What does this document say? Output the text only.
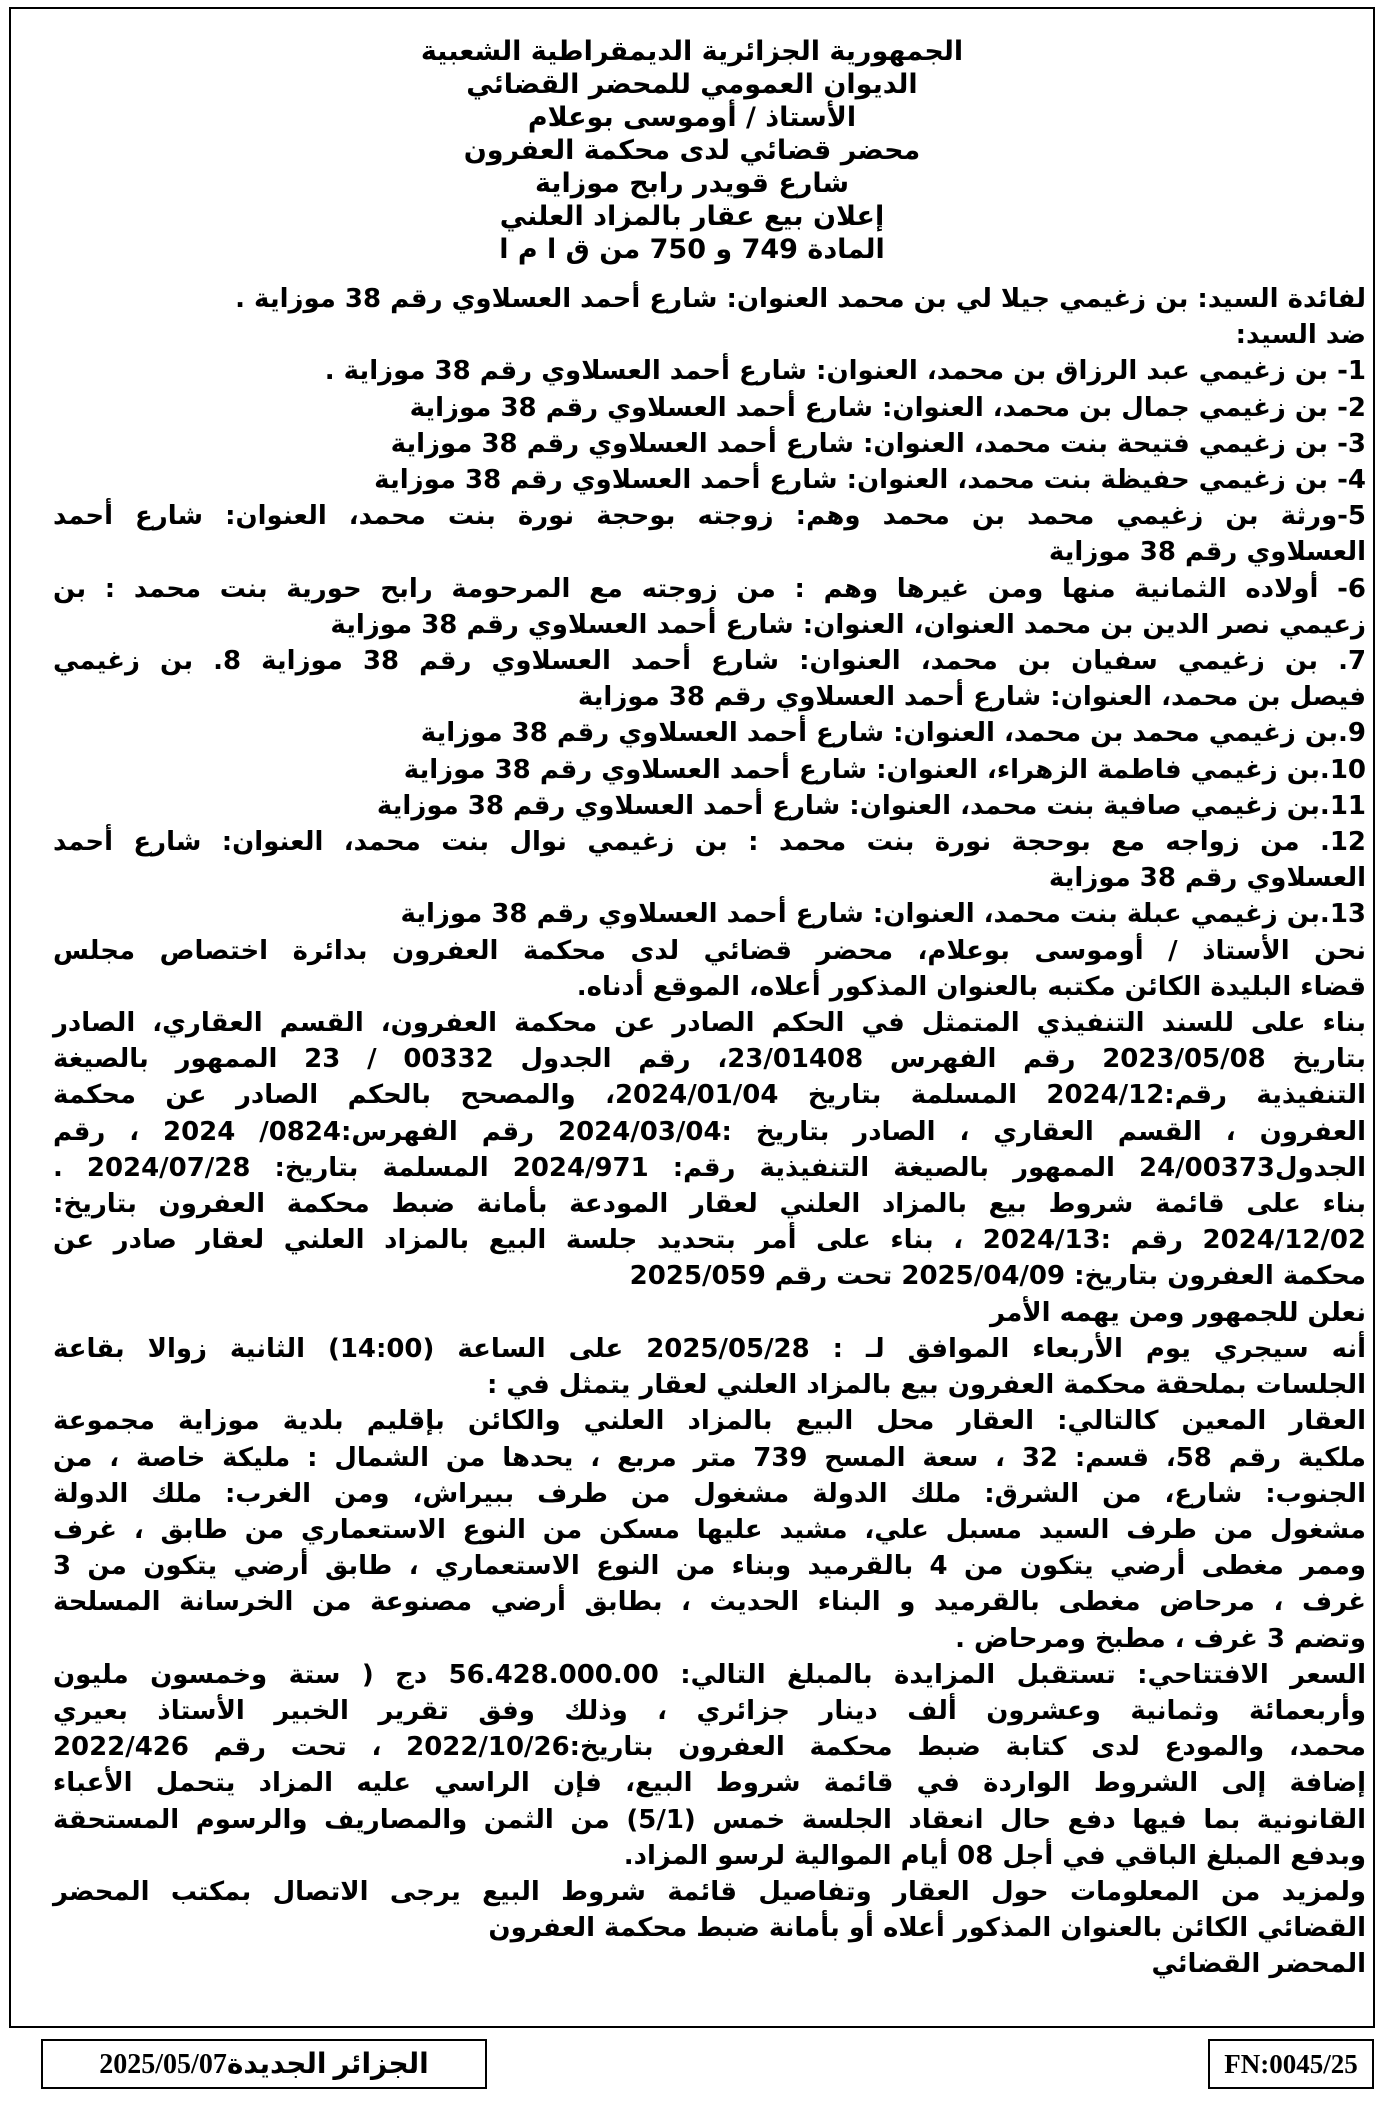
الجمهورية الجزائرية الديمقراطية الشعبية
الديوان العمومي للمحضر القضائي
الأستاذ / أوموسى بوعلام
محضر قضائي لدى محكمة العفرون
شارع قويدر رابح موزاية
إعلان بيع عقار بالمزاد العلني
المادة 749 و 750 من ق ا م ا
لفائدة السيد: بن زغيمي جيلا لي بن محمد العنوان: شارع أحمد العسلاوي رقم 38 موزاية .
ضد السيد:
1- بن زغيمي عبد الرزاق بن محمد، العنوان: شارع أحمد العسلاوي رقم 38 موزاية .
2- بن زغيمي جمال بن محمد، العنوان: شارع أحمد العسلاوي رقم 38 موزاية
3- بن زغيمي فتيحة بنت محمد، العنوان: شارع أحمد العسلاوي رقم 38 موزاية
4- بن زغيمي حفيظة بنت محمد، العنوان: شارع أحمد العسلاوي رقم 38 موزاية
5-ورثة بن زغيمي محمد بن محمد وهم: زوجته بوحجة نورة بنت محمد، العنوان: شارع أحمد
العسلاوي رقم 38 موزاية
6- أولاده الثمانية منها ومن غيرها وهم : من زوجته مع المرحومة رابح حورية بنت محمد : بن
زعيمي نصر الدين بن محمد العنوان، العنوان: شارع أحمد العسلاوي رقم 38 موزاية
7. بن زغيمي سفيان بن محمد، العنوان: شارع أحمد العسلاوي رقم 38 موزاية 8. بن زغيمي
فيصل بن محمد، العنوان: شارع أحمد العسلاوي رقم 38 موزاية
9.بن زغيمي محمد بن محمد، العنوان: شارع أحمد العسلاوي رقم 38 موزاية
10.بن زغيمي فاطمة الزهراء، العنوان: شارع أحمد العسلاوي رقم 38 موزاية
11.بن زغيمي صافية بنت محمد، العنوان: شارع أحمد العسلاوي رقم 38 موزاية
12. من زواجه مع بوحجة نورة بنت محمد : بن زغيمي نوال بنت محمد، العنوان: شارع أحمد
العسلاوي رقم 38 موزاية
13.بن زغيمي عبلة بنت محمد، العنوان: شارع أحمد العسلاوي رقم 38 موزاية
نحن الأستاذ / أوموسى بوعلام، محضر قضائي لدى محكمة العفرون بدائرة اختصاص مجلس
قضاء البليدة الكائن مكتبه بالعنوان المذكور أعلاه، الموقع أدناه.
بناء على للسند التنفيذي المتمثل في الحكم الصادر عن محكمة العفرون، القسم العقاري، الصادر
بتاريخ 2023/05/08 رقم الفهرس 23/01408، رقم الجدول 00332 / 23 الممهور بالصيغة
التنفيذية رقم:2024/12 المسلمة بتاريخ 2024/01/04، والمصحح بالحكم الصادر عن محكمة
العفرون ، القسم العقاري ، الصادر بتاريخ :2024/03/04 رقم الفهرس:0824/ 2024 ، رقم
الجدول24/00373 الممهور بالصيغة التنفيذية رقم: 2024/971 المسلمة بتاريخ: 2024/07/28 .
بناء على قائمة شروط بيع بالمزاد العلني لعقار المودعة بأمانة ضبط محكمة العفرون بتاريخ:
2024/12/02 رقم :2024/13 ، بناء على أمر بتحديد جلسة البيع بالمزاد العلني لعقار صادر عن
محكمة العفرون بتاريخ: 2025/04/09 تحت رقم 2025/059
نعلن للجمهور ومن يهمه الأمر
أنه سيجري يوم الأربعاء الموافق لـ : 2025/05/28 على الساعة (14:00) الثانية زوالا بقاعة
الجلسات بملحقة محكمة العفرون بيع بالمزاد العلني لعقار يتمثل في :
العقار المعين كالتالي: العقار محل البيع بالمزاد العلني والكائن بإقليم بلدية موزاية مجموعة
ملكية رقم 58، قسم: 32 ، سعة المسح 739 متر مربع ، يحدها من الشمال : مليكة خاصة ، من
الجنوب: شارع، من الشرق: ملك الدولة مشغول من طرف ببيراش، ومن الغرب: ملك الدولة
مشغول من طرف السيد مسبل علي، مشيد عليها مسكن من النوع الاستعماري من طابق ، غرف
وممر مغطى أرضي يتكون من 4 بالقرميد وبناء من النوع الاستعماري ، طابق أرضي يتكون من 3
غرف ، مرحاض مغطى بالقرميد و البناء الحديث ، بطابق أرضي مصنوعة من الخرسانة المسلحة
وتضم 3 غرف ، مطبخ ومرحاض .
السعر الافتتاحي: تستقبل المزايدة بالمبلغ التالي: 56.428.000.00 دج ( ستة وخمسون مليون
وأربعمائة وثمانية وعشرون ألف دينار جزائري ، وذلك وفق تقرير الخبير الأستاذ بعيري
محمد، والمودع لدى كتابة ضبط محكمة العفرون بتاريخ:2022/10/26 ، تحت رقم 2022/426
إضافة إلى الشروط الواردة في قائمة شروط البيع، فإن الراسي عليه المزاد يتحمل الأعباء
القانونية بما فيها دفع حال انعقاد الجلسة خمس (5/1) من الثمن والمصاريف والرسوم المستحقة
وبدفع المبلغ الباقي في أجل 08 أيام الموالية لرسو المزاد.
ولمزيد من المعلومات حول العقار وتفاصيل قائمة شروط البيع يرجى الاتصال بمكتب المحضر
القضائي الكائن بالعنوان المذكور أعلاه أو بأمانة ضبط محكمة العفرون
المحضر القضائي
الجزائر الجديدة2025/05/07	FN:0045/25
